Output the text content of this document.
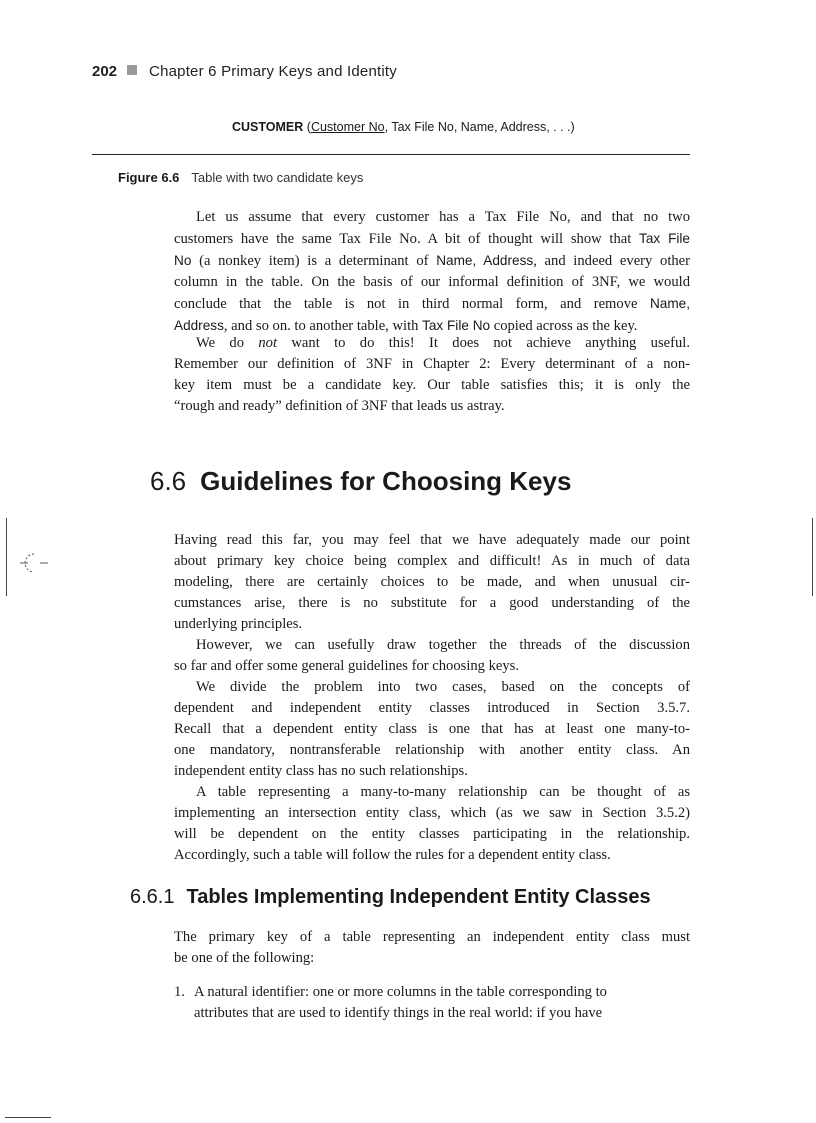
202 Chapter 6 Primary Keys and Identity
CUSTOMER (Customer No, Tax File No, Name, Address, . . .)
Figure 6.6 Table with two candidate keys
Let us assume that every customer has a Tax File No, and that no two
customers have the same Tax File No. A bit of thought will show that Tax File
No (a nonkey item) is a determinant of Name, Address, and indeed every other
column in the table. On the basis of our informal definition of 3NF, we would
conclude that the table is not in third normal form, and remove Name,
Address, and so on. to another table, with Tax File No copied across as the key.
We do not want to do this! It does not achieve anything useful.
Remember our definition of 3NF in Chapter 2: Every determinant of a non-
key item must be a candidate key. Our table satisfies this; it is only the
“rough and ready” definition of 3NF that leads us astray.
6.6 Guidelines for Choosing Keys
Having read this far, you may feel that we have adequately made our point
about primary key choice being complex and difficult! As in much of data
modeling, there are certainly choices to be made, and when unusual cir-
cumstances arise, there is no substitute for a good understanding of the
underlying principles.
However, we can usefully draw together the threads of the discussion
so far and offer some general guidelines for choosing keys.
We divide the problem into two cases, based on the concepts of
dependent and independent entity classes introduced in Section 3.5.7.
Recall that a dependent entity class is one that has at least one many-to-
one mandatory, nontransferable relationship with another entity class. An
independent entity class has no such relationships.
A table representing a many-to-many relationship can be thought of as
implementing an intersection entity class, which (as we saw in Section 3.5.2)
will be dependent on the entity classes participating in the relationship.
Accordingly, such a table will follow the rules for a dependent entity class.
6.6.1 Tables Implementing Independent Entity Classes
The primary key of a table representing an independent entity class must
be one of the following:
1. A natural identifier: one or more columns in the table corresponding to
attributes that are used to identify things in the real world: if you have
